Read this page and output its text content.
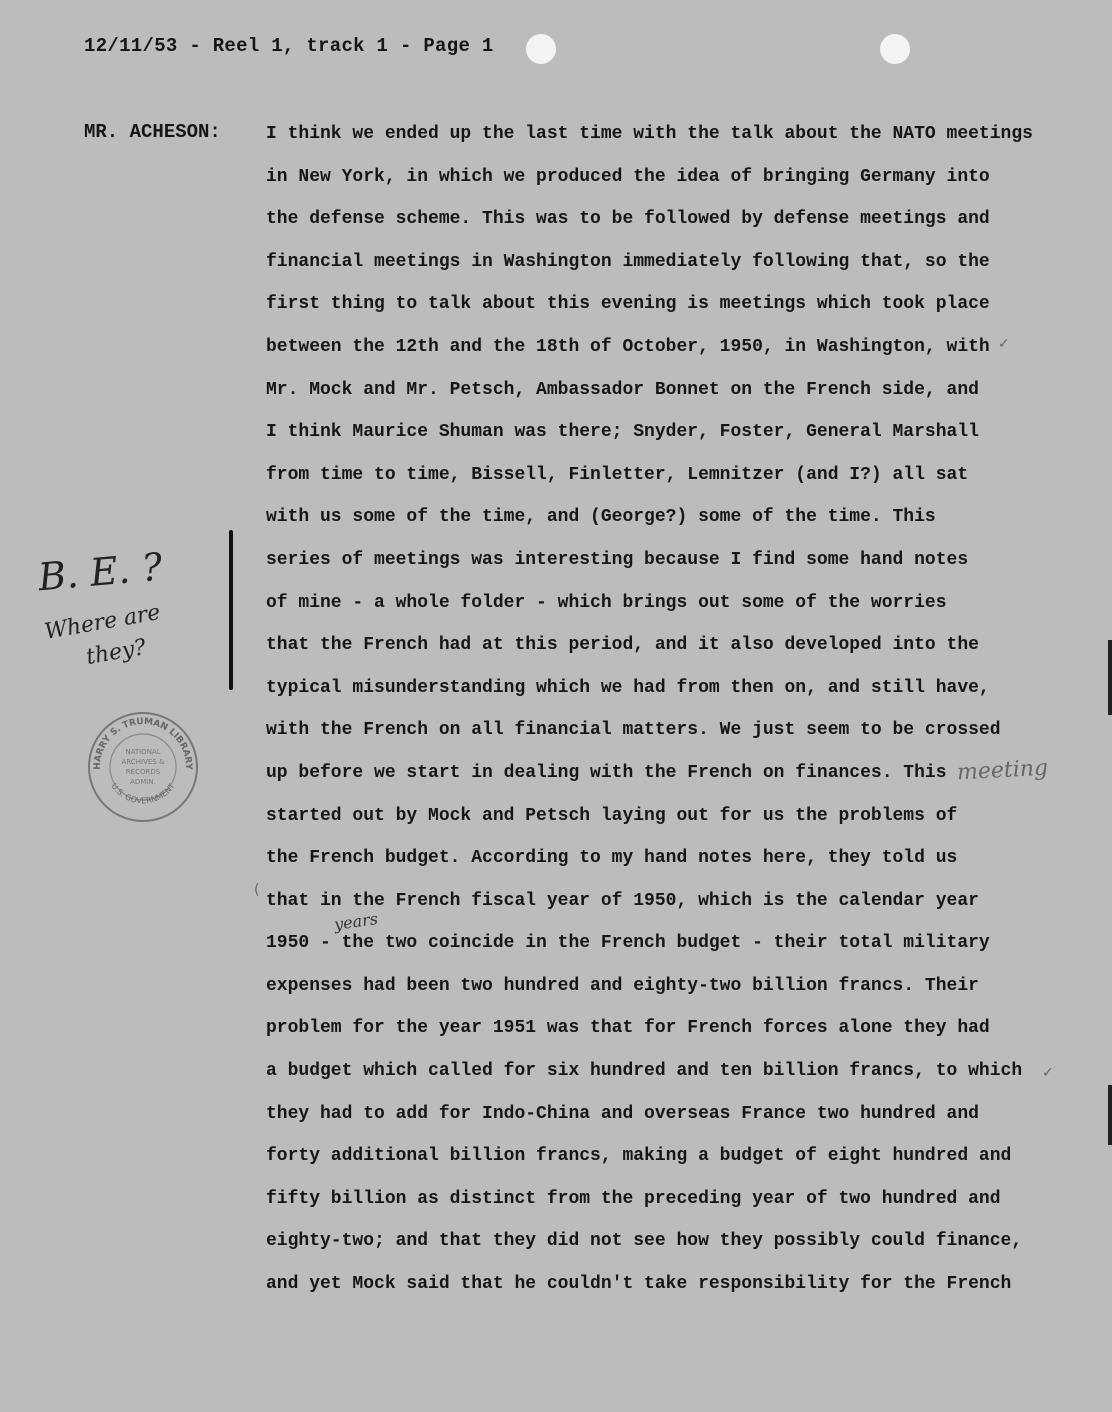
12/11/53 - Reel 1, track 1 - Page 1
MR. ACHESON:	I think we ended up the last time with the talk about the NATO meetings
in New York, in which we produced the idea of bringing Germany into
the defense scheme. This was to be followed by defense meetings and
financial meetings in Washington immediately following that, so the
first thing to talk about this evening is meetings which took place
between the 12th and the 18th of October, 1950, in Washington, with
Mr. Mock and Mr. Petsch, Ambassador Bonnet on the French side, and
I think Maurice Shuman was there; Snyder, Foster, General Marshall
from time to time, Bissell, Finletter, Lemnitzer (and I?) all sat
with us some of the time, and (George?) some of the time. This
series of meetings was interesting because I find some hand notes
of mine - a whole folder - which brings out some of the worries
that the French had at this period, and it also developed into the
typical misunderstanding which we had from then on, and still have,
with the French on all financial matters. We just seem to be crossed
up before we start in dealing with the French on finances. This
started out by Mock and Petsch laying out for us the problems of
the French budget. According to my hand notes here, they told us
that in the French fiscal year of 1950, which is the calendar year
1950 - the two coincide in the French budget - their total military
expenses had been two hundred and eighty-two billion francs. Their
problem for the year 1951 was that for French forces alone they had
a budget which called for six hundred and ten billion francs, to which
they had to add for Indo-China and overseas France two hundred and
forty additional billion francs, making a budget of eight hundred and
fifty billion as distinct from the preceding year of two hundred and
eighty-two; and that they did not see how they possibly could finance,
and yet Mock said that he couldn't take responsibility for the French
B. E. ?
Where are
they?
meeting
years
HARRY S. TRUMAN LIBRARY
U.S. GOVERNMENT
NATIONAL
ARCHIVES &
RECORDS
ADMIN.
✓
✓
(
